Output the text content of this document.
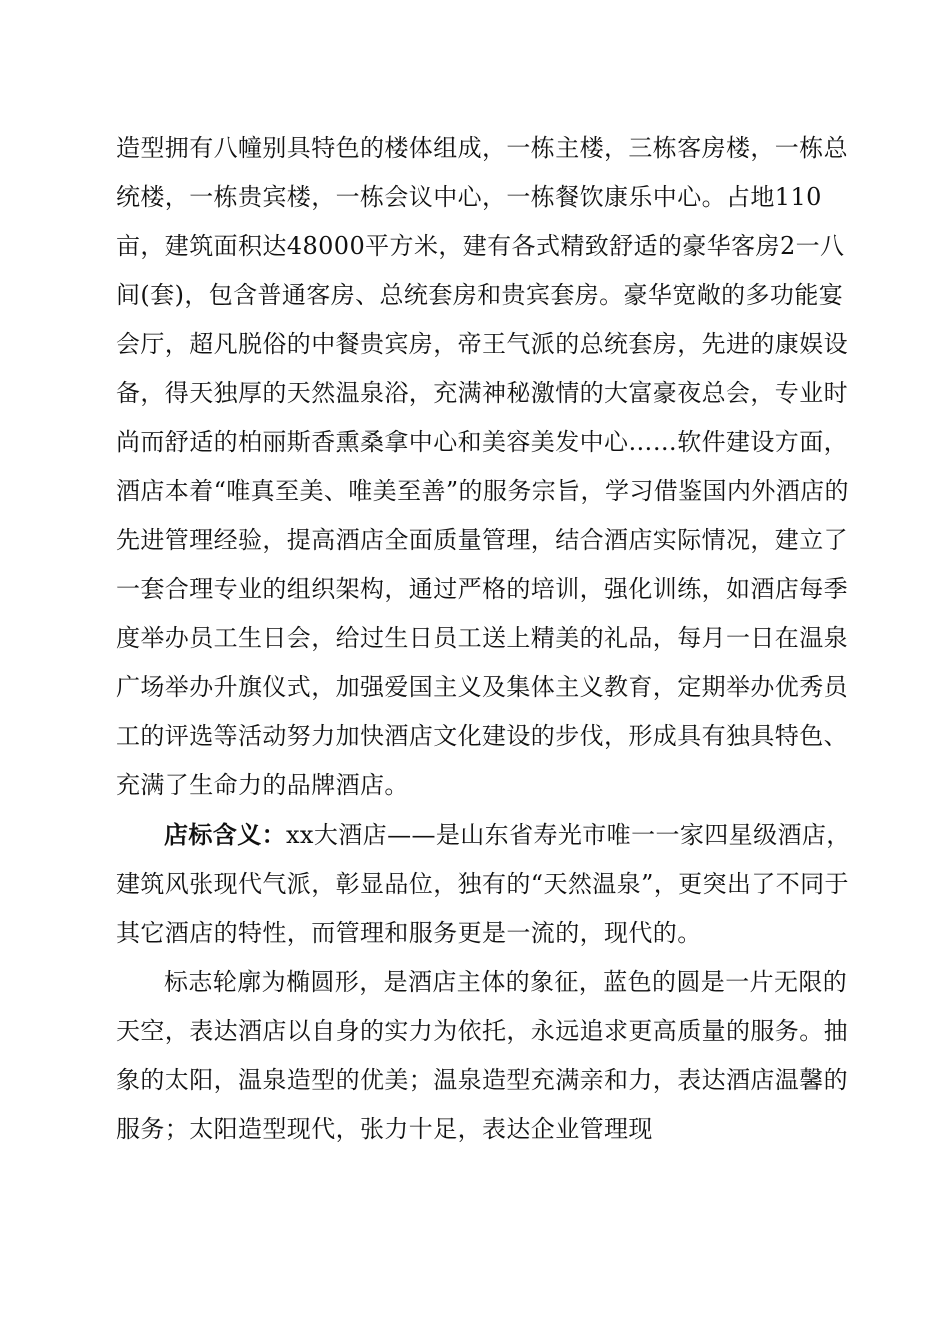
造型拥有八幢别具特色的楼体组成，一栋主楼，三栋客房楼，一栋总统楼，一栋贵宾楼，一栋会议中心，一栋餐饮康乐中心。占地110亩，建筑面积达48000平方米，建有各式精致舒适的豪华客房2一八间(套)，包含普通客房、总统套房和贵宾套房。豪华宽敞的多功能宴会厅，超凡脱俗的中餐贵宾房，帝王气派的总统套房，先进的康娱设备，得天独厚的天然温泉浴，充满神秘激情的大富豪夜总会，专业时尚而舒适的柏丽斯香熏桑拿中心和美容美发中心……软件建设方面，酒店本着“唯真至美、唯美至善”的服务宗旨，学习借鉴国内外酒店的先进管理经验，提高酒店全面质量管理，结合酒店实际情况，建立了一套合理专业的组织架构，通过严格的培训，强化训练，如酒店每季度举办员工生日会，给过生日员工送上精美的礼品，每月一日在温泉广场举办升旗仪式，加强爱国主义及集体主义教育，定期举办优秀员工的评选等活动努力加快酒店文化建设的步伐，形成具有独具特色、充满了生命力的品牌酒店。

店标含义：xx大酒店——是山东省寿光市唯一一家四星级酒店，建筑风张现代气派，彰显品位，独有的“天然温泉”，更突出了不同于其它酒店的特性，而管理和服务更是一流的，现代的。

标志轮廓为椭圆形，是酒店主体的象征，蓝色的圆是一片无限的天空，表达酒店以自身的实力为依托，永远追求更高质量的服务。抽象的太阳，温泉造型的优美；温泉造型充满亲和力，表达酒店温馨的服务；太阳造型现代，张力十足，表达企业管理现
